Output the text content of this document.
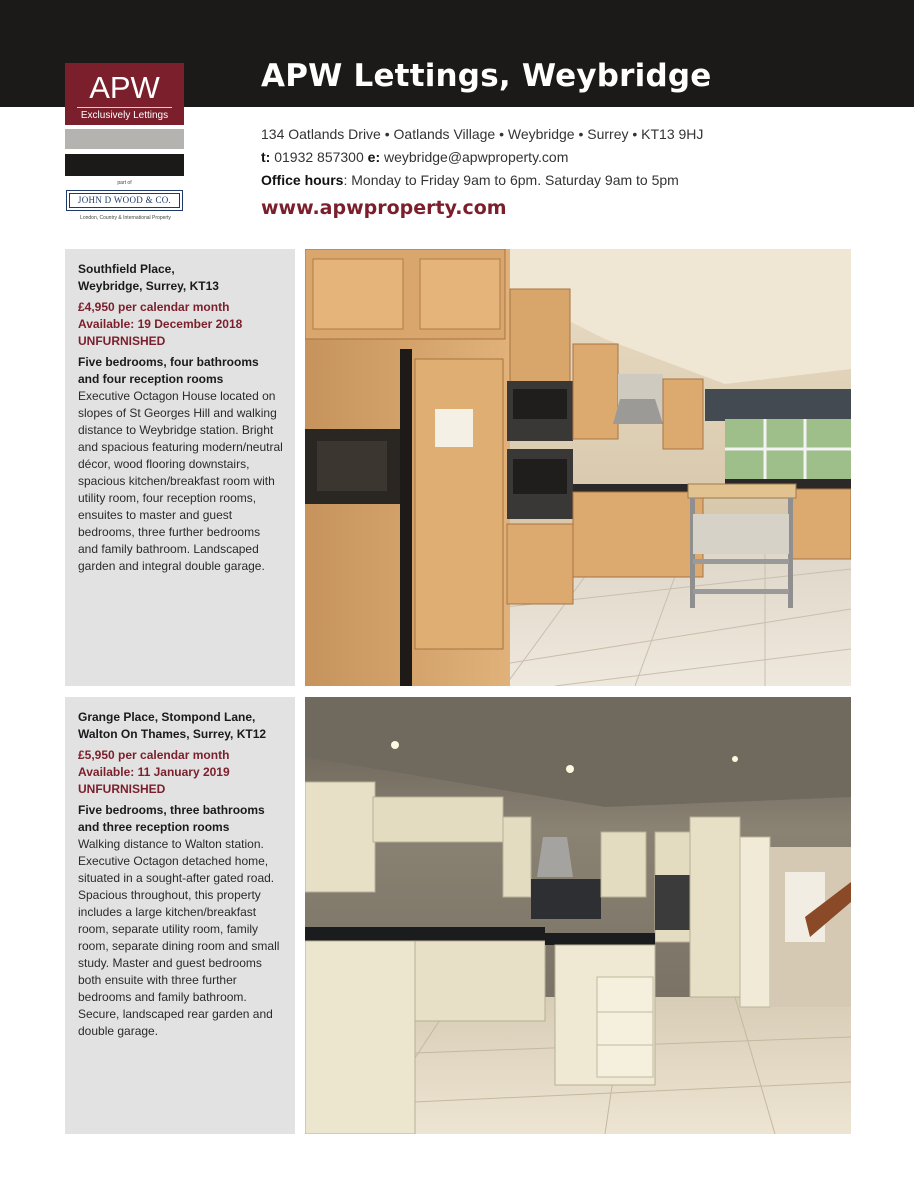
APW Lettings, Weybridge
APW
Exclusively Lettings
part of
JOHN D WOOD & CO.
London, Country & International Property
134 Oatlands Drive • Oatlands Village • Weybridge • Surrey • KT13 9HJ
t: 01932 857300 e: weybridge@apwproperty.com
Office hours: Monday to Friday 9am to 6pm. Saturday 9am to 5pm
www.apwproperty.com
Southfield Place,
Weybridge, Surrey, KT13
£4,950 per calendar month
Available: 19 December 2018
UNFURNISHED
Five bedrooms, four bathrooms
and four reception rooms
Executive Octagon House located on slopes of St Georges Hill and walking distance to Weybridge station. Bright and spacious featuring modern/neutral décor, wood flooring downstairs, spacious kitchen/breakfast room with utility room, four reception rooms, ensuites to master and guest bedrooms, three further bedrooms and family bathroom. Landscaped garden and integral double garage.
Grange Place, Stompond Lane,
Walton On Thames, Surrey, KT12
£5,950 per calendar month
Available: 11 January 2019
UNFURNISHED
Five bedrooms, three bathrooms
and three reception rooms
Walking distance to Walton station. Executive Octagon detached home, situated in a sought-after gated road. Spacious throughout, this property includes a large kitchen/breakfast room, separate utility room, family room, separate dining room and small study. Master and guest bedrooms both ensuite with three further bedrooms and family bathroom. Secure, landscaped rear garden and double garage.
